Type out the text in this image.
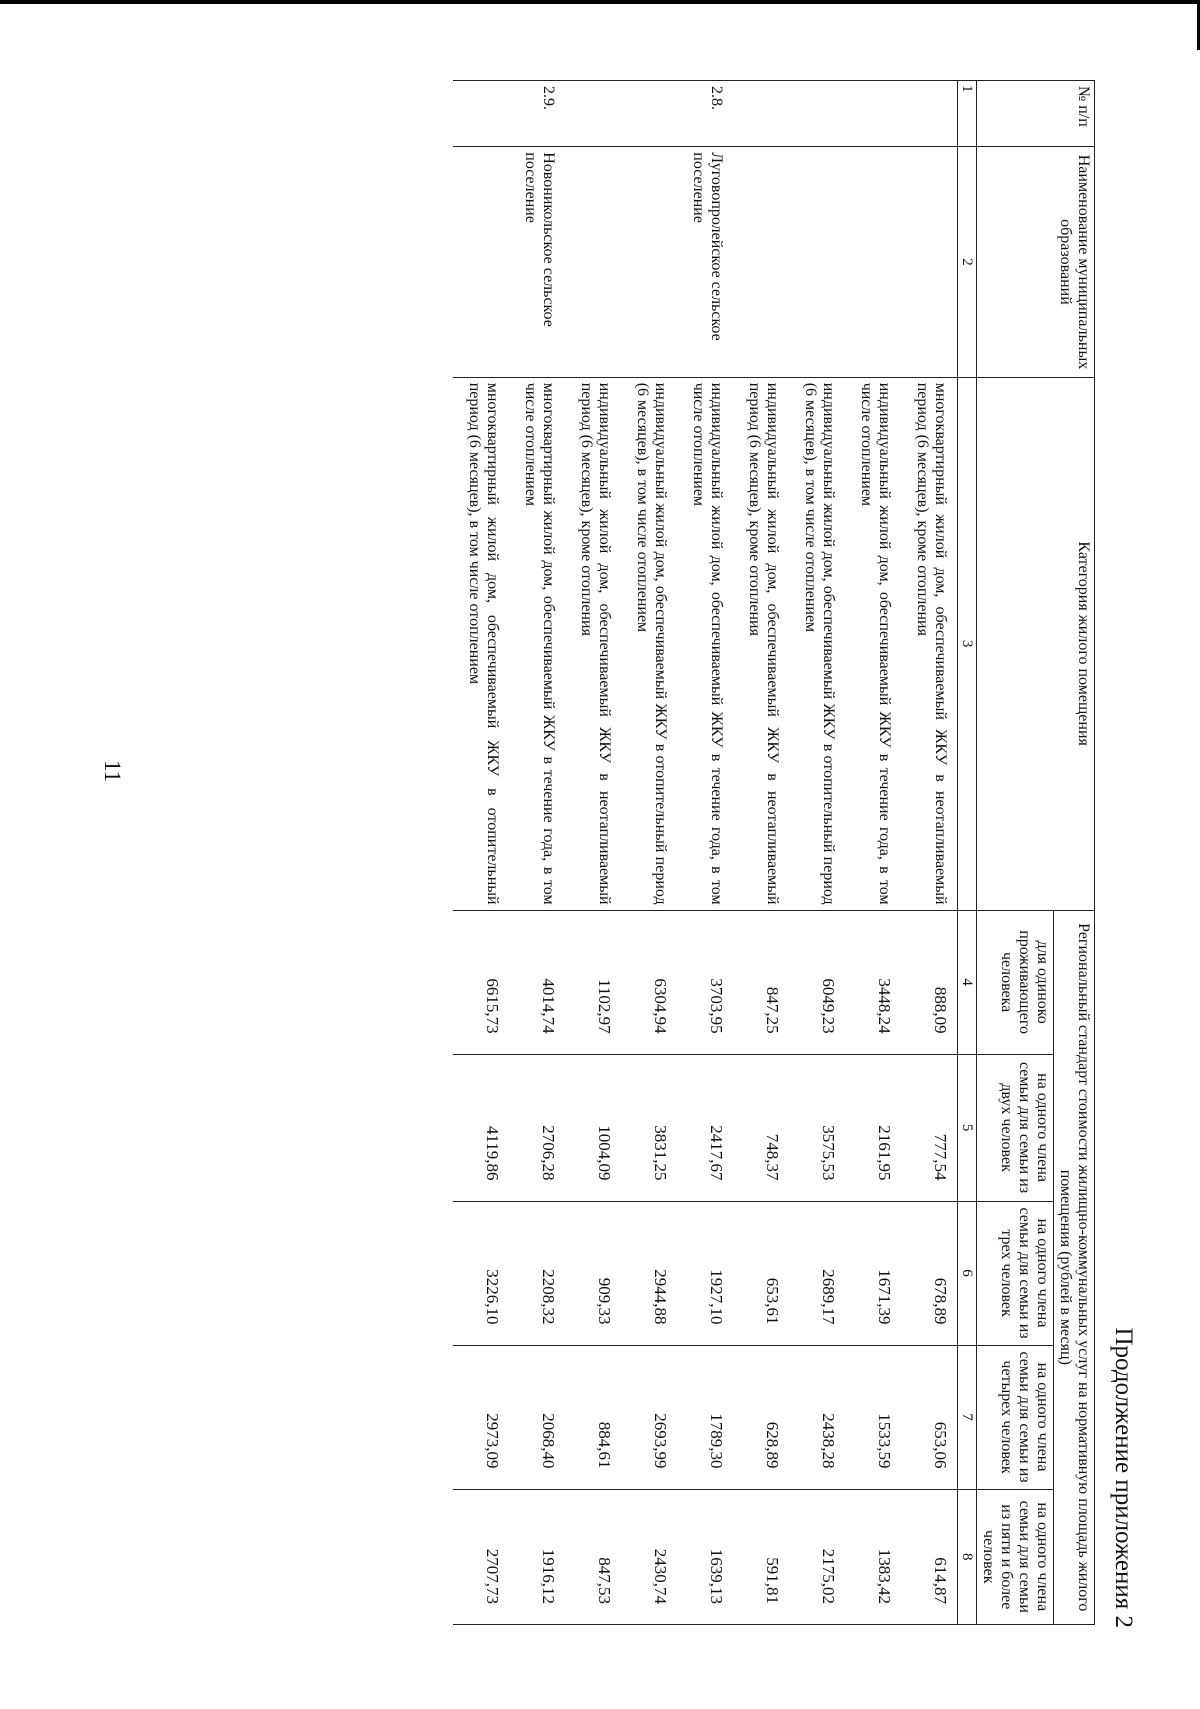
Продолжение приложения 2
№ п/п	Наименование муниципальных образований	Категория жилого помещения	Региональный стандарт стоимости жилищно-коммунальных услуг на нормативную площадь жилого помещения (рублей в месяц)				
			для одиноко проживающего человека	на одного члена семьи для семьи из двух человек	на одного члена семьи для семьи из трех человек	на одного члена семьи для семьи из четырех человек	на одного члена семьи для семьи из пяти и более человек
1	2	3	4	5	6	7	8
		многоквартирный жилой дом, обеспечиваемый ЖКУ в неотапливаемый период (6 месяцев), кроме отопления	888,09	777,54	678,89	653,06	614,87
		индивидуальный жилой дом, обеспечиваемый ЖКУ в течение года, в том числе отоплением	3448,24	2161,95	1671,39	1533,59	1383,42
		индивидуальный жилой дом, обеспечиваемый ЖКУ в отопительный период (6 месяцев), в том числе отоплением	6049,23	3575,53	2689,17	2438,28	2175,02
		индивидуальный жилой дом, обеспечиваемый ЖКУ в неотапливаемый период (6 месяцев), кроме отопления	847,25	748,37	653,61	628,89	591,81
2.8.	Луговопролейское сельское поселение	индивидуальный жилой дом, обеспечиваемый ЖКУ в течение года, в том числе отоплением	3703,95	2417,67	1927,10	1789,30	1639,13
		индивидуальный жилой дом, обеспечиваемый ЖКУ в отопительный период (6 месяцев), в том числе отоплением	6304,94	3831,25	2944,88	2693,99	2430,74
		индивидуальный жилой дом, обеспечиваемый ЖКУ в неотапливаемый период (6 месяцев), кроме отопления	1102,97	1004,09	909,33	884,61	847,53
2.9.	Новоникольское сельское поселение	многоквартирный жилой дом, обеспечиваемый ЖКУ в течение года, в том числе отоплением	4014,74	2706,28	2208,32	2068,40	1916,12
		многоквартирный жилой дом, обеспечиваемый ЖКУ в отопительный период (6 месяцев), в том числе отоплением	6615,73	4119,86	3226,10	2973,09	2707,73
11
